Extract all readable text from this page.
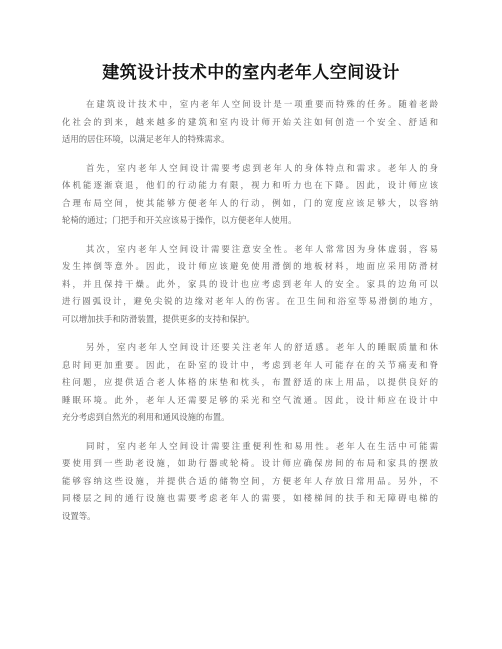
建筑设计技术中的室内老年人空间设计

在建筑设计技术中，室内老年人空间设计是一项重要而特殊的任务。随着老龄
化社会的到来，越来越多的建筑和室内设计师开始关注如何创造一个安全、舒适和
适用的居住环境，以满足老年人的特殊需求。

首先，室内老年人空间设计需要考虑到老年人的身体特点和需求。老年人的身
体机能逐渐衰退，他们的行动能力有限，视力和听力也在下降。因此，设计师应该
合理布局空间，使其能够方便老年人的行动，例如，门的宽度应该足够大，以容纳
轮椅的通过；门把手和开关应该易于操作，以方便老年人使用。

其次，室内老年人空间设计需要注意安全性。老年人常常因为身体虚弱，容易
发生摔倒等意外。因此，设计师应该避免使用滑倒的地板材料，地面应采用防滑材
料，并且保持干燥。此外，家具的设计也应考虑到老年人的安全。家具的边角可以
进行圆弧设计，避免尖锐的边缘对老年人的伤害。在卫生间和浴室等易滑倒的地方，
可以增加扶手和防滑装置，提供更多的支持和保护。

另外，室内老年人空间设计还要关注老年人的舒适感。老年人的睡眠质量和休
息时间更加重要。因此，在卧室的设计中，考虑到老年人可能存在的关节痛麦和脊
柱问题，应提供适合老人体格的床垫和枕头，布置舒适的床上用品，以提供良好的
睡眠环境。此外，老年人还需要足够的采光和空气流通。因此，设计师应在设计中
充分考虑到自然光的利用和通风设施的布置。

同时，室内老年人空间设计需要注重便利性和易用性。老年人在生活中可能需
要使用到一些助老设施，如助行器或轮椅。设计师应确保房间的布局和家具的摆放
能够容纳这些设施，并提供合适的储物空间，方便老年人存放日常用品。另外，不
同楼层之间的通行设施也需要考虑老年人的需要，如楼梯间的扶手和无障碍电梯的
设置等。
